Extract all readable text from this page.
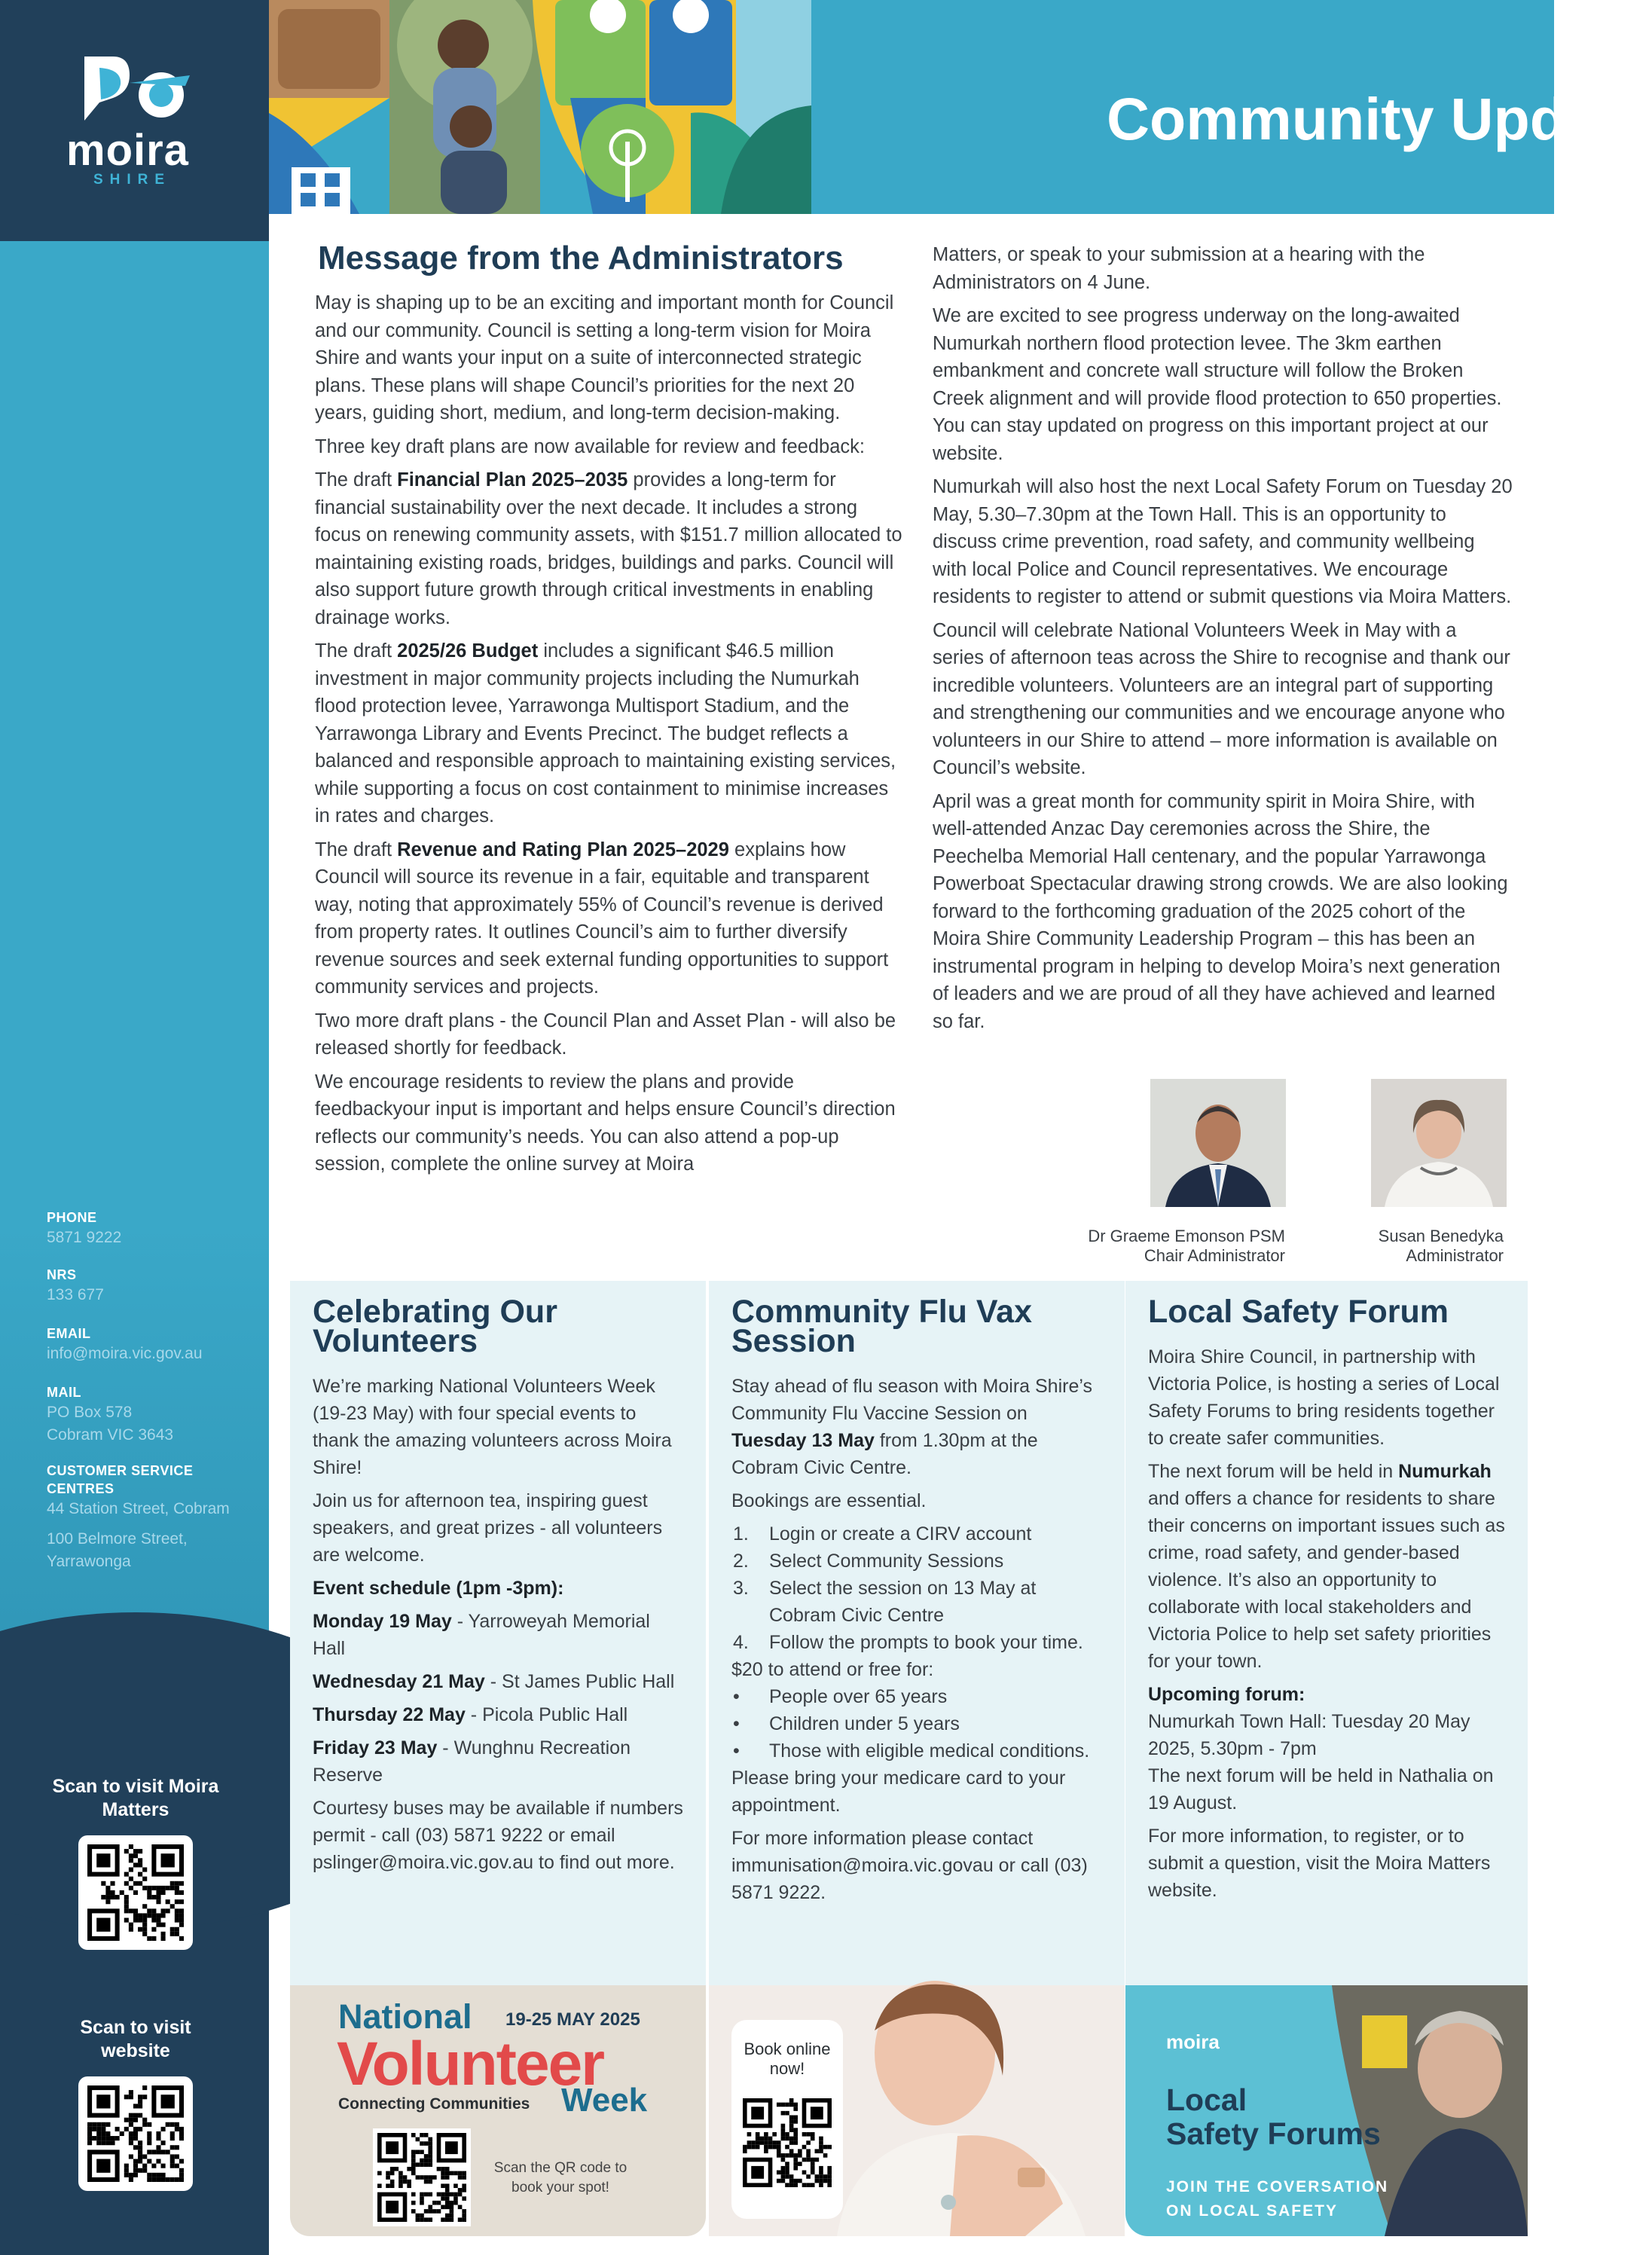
moira
SHIRE
PHONE
5871 9222
NRS
133 677
EMAIL
info@moira.vic.gov.au
MAIL
PO Box 578
Cobram VIC 3643
CUSTOMER SERVICE CENTRES
44 Station Street, Cobram

100 Belmore Street, Yarrawonga
Scan to visit Moira Matters
Scan to visit website
Community Update
Message from the Administrators

May is shaping up to be an exciting and important month for Council and our community. Council is setting a long-term vision for Moira Shire and wants your input on a suite of interconnected strategic plans. These plans will shape Council’s priorities for the next 20 years, guiding short, medium, and long-term decision-making.

Three key draft plans are now available for review and feedback:

The draft Financial Plan 2025–2035 provides a long-term for financial sustainability over the next decade. It includes a strong focus on renewing community assets, with $151.7 million allocated to maintaining existing roads, bridges, buildings and parks. Council will also support future growth through critical investments in enabling drainage works.

The draft 2025/26 Budget includes a significant $46.5 million investment in major community projects including the Numurkah flood protection levee, Yarrawonga Multisport Stadium, and the Yarrawonga Library and Events Precinct. The budget reflects a balanced and responsible approach to maintaining existing services, while supporting a focus on cost containment to minimise increases in rates and charges.

The draft Revenue and Rating Plan 2025–2029 explains how Council will source its revenue in a fair, equitable and transparent way, noting that approximately 55% of Council’s revenue is derived from property rates. It outlines Council’s aim to further diversify revenue sources and seek external funding opportunities to support community services and projects.

Two more draft plans - the Council Plan and Asset Plan - will also be released shortly for feedback.

We encourage residents to review the plans and provide feedbackyour input is important and helps ensure Council’s direction reflects our community’s needs. You can also attend a pop-up session, complete the online survey at Moira

Matters, or speak to your submission at a hearing with the Administrators on 4 June.

We are excited to see progress underway on the long-awaited Numurkah northern flood protection levee. The 3km earthen embankment and concrete wall structure will follow the Broken Creek alignment and will provide flood protection to 650 properties. You can stay updated on progress on this important project at our website.

Numurkah will also host the next Local Safety Forum on Tuesday 20 May, 5.30–7.30pm at the Town Hall. This is an opportunity to discuss crime prevention, road safety, and community wellbeing with local Police and Council representatives. We encourage residents to register to attend or submit questions via Moira Matters.

Council will celebrate National Volunteers Week in May with a series of afternoon teas across the Shire to recognise and thank our incredible volunteers. Volunteers are an integral part of supporting and strengthening our communities and we encourage anyone who volunteers in our Shire to attend – more information is available on Council’s website.

April was a great month for community spirit in Moira Shire, with well-attended Anzac Day ceremonies across the Shire, the Peechelba Memorial Hall centenary, and the popular Yarrawonga Powerboat Spectacular drawing strong crowds. We are also looking forward to the forthcoming graduation of the 2025 cohort of the Moira Shire Community Leadership Program – this has been an instrumental program in helping to develop Moira’s next generation of leaders and we are proud of all they have achieved and learned so far.

Dr Graeme Emonson PSM
Chair Administrator
Susan Benedyka
Administrator
Celebrating Our Volunteers

We’re marking National Volunteers Week (19-23 May) with four special events to thank the amazing volunteers across Moira Shire!

Join us for afternoon tea, inspiring guest speakers, and great prizes - all volunteers are welcome.

Event schedule (1pm -3pm):

Monday 19 May - Yarroweyah Memorial Hall

Wednesday 21 May - St James Public Hall

Thursday 22 May - Picola Public Hall

Friday 23 May - Wunghnu Recreation Reserve

Courtesy buses may be available if numbers permit - call (03) 5871 9222 or email pslinger@moira.vic.gov.au to find out more.

Community Flu Vax Session

Stay ahead of flu season with Moira Shire’s Community Flu Vaccine Session on Tuesday 13 May from 1.30pm at the Cobram Civic Centre.

Bookings are essential.

1. Login or create a CIRV account
2. Select Community Sessions
3. Select the session on 13 May at Cobram Civic Centre
4. Follow the prompts to book your time.
$20 to attend or free for:
• People over 65 years
• Children under 5 years
• Those with eligible medical conditions.

Please bring your medicare card to your appointment.

For more information please contact immunisation@moira.vic.govau or call (03) 5871 9222.

Local Safety Forum

Moira Shire Council, in partnership with Victoria Police, is hosting a series of Local Safety Forums to bring residents together to create safer communities.

The next forum will be held in Numurkah and offers a chance for residents to share their concerns on important issues such as crime, road safety, and gender-based violence. It’s also an opportunity to collaborate with local stakeholders and Victoria Police to help set safety priorities for your town.

Upcoming forum:
Numurkah Town Hall: Tuesday 20 May 2025, 5.30pm - 7pm
The next forum will be held in Nathalia on 19 August.

For more information, to register, or to submit a question, visit the Moira Matters website.

National 19-25 MAY 2025
Volunteer
Connecting Communities Week
Scan the QR code to book your spot!
Book online now!
moira
Local
Safety Forums
JOIN THE COVERSATION
ON LOCAL SAFETY
